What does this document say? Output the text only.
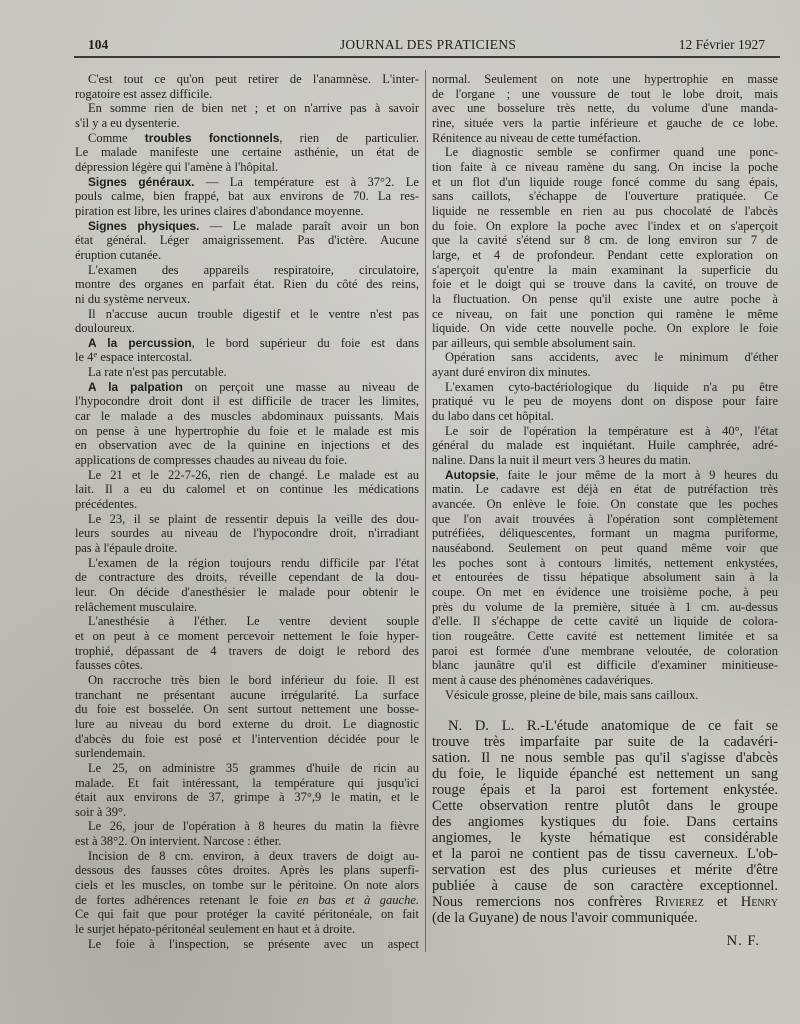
104	JOURNAL DES PRATICIENS	12 Février 1927
C'est tout ce qu'on peut retirer de l'anamnèse. L'inter-
rogatoire est assez difficile.
En somme rien de bien net ; et on n'arrive pas à savoir
s'il y a eu dysenterie.
Comme troubles fonctionnels, rien de particulier.
Le malade manifeste une certaine asthénie, un état de
dépression légère qui l'amène à l'hôpital.
Signes généraux. — La température est à 37°2. Le
pouls calme, bien frappé, bat aux environs de 70. La res-
piration est libre, les urines claires d'abondance moyenne.
Signes physiques. — Le malade paraît avoir un bon
état général. Léger amaigrissement. Pas d'ictère. Aucune
éruption cutanée.
L'examen des appareils respiratoire, circulatoire,
montre des organes en parfait état. Rien du côté des reins,
ni du système nerveux.
Il n'accuse aucun trouble digestif et le ventre n'est pas
douloureux.
A la percussion, le bord supérieur du foie est dans
le 4e espace intercostal.
La rate n'est pas percutable.
A la palpation on perçoit une masse au niveau de
l'hypocondre droit dont il est difficile de tracer les limites,
car le malade a des muscles abdominaux puissants. Mais
on pense à une hypertrophie du foie et le malade est mis
en observation avec de la quinine en injections et des
applications de compresses chaudes au niveau du foie.
Le 21 et le 22-7-26, rien de changé. Le malade est au
lait. Il a eu du calomel et on continue les médications
précédentes.
Le 23, il se plaint de ressentir depuis la veille des dou-
leurs sourdes au niveau de l'hypocondre droit, n'irradiant
pas à l'épaule droite.
L'examen de la région toujours rendu difficile par l'état
de contracture des droits, réveille cependant de la dou-
leur. On décide d'anesthésier le malade pour obtenir le
relâchement musculaire.
L'anesthésie à l'éther. Le ventre devient souple
et on peut à ce moment percevoir nettement le foie hyper-
trophié, dépassant de 4 travers de doigt le rebord des
fausses côtes.
On raccroche très bien le bord inférieur du foie. Il est
tranchant ne présentant aucune irrégularité. La surface
du foie est bosselée. On sent surtout nettement une bosse-
lure au niveau du bord externe du droit. Le diagnostic
d'abcès du foie est posé et l'intervention décidée pour le
surlendemain.
Le 25, on administre 35 grammes d'huile de ricin au
malade. Et fait intéressant, la température qui jusqu'ici
était aux environs de 37, grimpe à 37°,9 le matin, et le
soir à 39°.
Le 26, jour de l'opération à 8 heures du matin la fièvre
est à 38°2. On intervient. Narcose : éther.
Incision de 8 cm. environ, à deux travers de doigt au-
dessous des fausses côtes droites. Après les plans superfi-
ciels et les muscles, on tombe sur le péritoine. On note alors
de fortes adhérences retenant le foie en bas et à gauche.
Ce qui fait que pour protéger la cavité péritonéale, on fait
le surjet hépato-péritonéal seulement en haut et à droite.
Le foie à l'inspection, se présente avec un aspect
normal. Seulement on note une hypertrophie en masse
de l'organe ; une voussure de tout le lobe droit, mais
avec une bosselure très nette, du volume d'une manda-
rine, située vers la partie inférieure et gauche de ce lobe.
Rénitence au niveau de cette tuméfaction.
Le diagnostic semble se confirmer quand une ponc-
tion faite à ce niveau ramène du sang. On incise la poche
et un flot d'un liquide rouge foncé comme du sang épais,
sans caillots, s'échappe de l'ouverture pratiquée. Ce
liquide ne ressemble en rien au pus chocolaté de l'abcès
du foie. On explore la poche avec l'index et on s'aperçoit
que la cavité s'étend sur 8 cm. de long environ sur 7 de
large, et 4 de profondeur. Pendant cette exploration on
s'aperçoit qu'entre la main examinant la superficie du
foie et le doigt qui se trouve dans la cavité, on trouve de
la fluctuation. On pense qu'il existe une autre poche à
ce niveau, on fait une ponction qui ramène le même
liquide. On vide cette nouvelle poche. On explore le foie
par ailleurs, qui semble absolument sain.
Opération sans accidents, avec le minimum d'éther
ayant duré environ dix minutes.
L'examen cyto-bactériologique du liquide n'a pu être
pratiqué vu le peu de moyens dont on dispose pour faire
du labo dans cet hôpital.
Le soir de l'opération la température est à 40°, l'état
général du malade est inquiétant. Huile camphrée, adré-
naline. Dans la nuit il meurt vers 3 heures du matin.
Autopsie, faite le jour même de la mort à 9 heures du
matin. Le cadavre est déjà en état de putréfaction très
avancée. On enlève le foie. On constate que les poches
que l'on avait trouvées à l'opération sont complètement
putréfiées, déliquescentes, formant un magma puriforme,
nauséabond. Seulement on peut quand même voir que
les poches sont à contours limités, nettement enkystées,
et entourées de tissu hépatique absolument sain à la
coupe. On met en évidence une troisième poche, à peu
près du volume de la première, située à 1 cm. au-dessus
d'elle. Il s'échappe de cette cavité un liquide de colora-
tion rougeâtre. Cette cavité est nettement limitée et sa
paroi est formée d'une membrane veloutée, de coloration
blanc jaunâtre qu'il est difficile d'examiner minitieuse-
ment à cause des phénomènes cadavériques.
Vésicule grosse, pleine de bile, mais sans cailloux.
N. D. L. R.-L'étude anatomique de ce fait se
trouve très imparfaite par suite de la cadavéri-
sation. Il ne nous semble pas qu'il s'agisse d'abcès
du foie, le liquide épanché est nettement un sang
rouge épais et la paroi est fortement enkystée.
Cette observation rentre plutôt dans le groupe
des angiomes kystiques du foie. Dans certains
angiomes, le kyste hématique est considérable
et la paroi ne contient pas de tissu caverneux. L'ob-
servation est des plus curieuses et mérite d'être
publiée à cause de son caractère exceptionnel.
Nous remercions nos confrères Rivierez et Henry
(de la Guyane) de nous l'avoir communiquée.
N. F.
